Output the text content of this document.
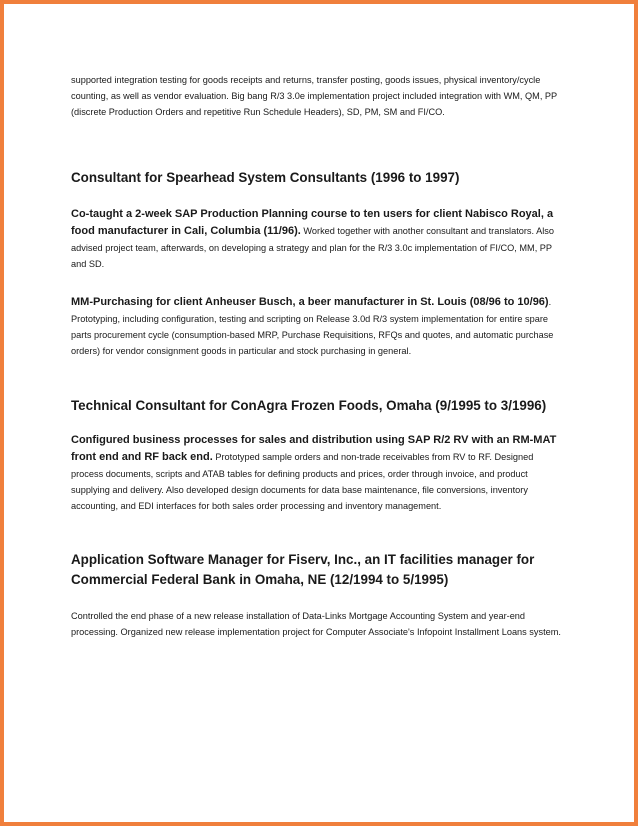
supported integration testing for goods receipts and returns, transfer posting, goods issues, physical inventory/cycle counting, as well as vendor evaluation. Big bang R/3 3.0e implementation project included integration with WM, QM, PP (discrete Production Orders and repetitive Run Schedule Headers), SD, PM, SM and FI/CO.

Consultant for Spearhead System Consultants (1996 to 1997)

Co-taught a 2-week SAP Production Planning course to ten users for client Nabisco Royal, a food manufacturer in Cali, Columbia (11/96). Worked together with another consultant and translators. Also advised project team, afterwards, on developing a strategy and plan for the R/3 3.0c implementation of FI/CO, MM, PP and SD.

MM-Purchasing for client Anheuser Busch, a beer manufacturer in St. Louis (08/96 to 10/96). Prototyping, including configuration, testing and scripting on Release 3.0d R/3 system implementation for entire spare parts procurement cycle (consumption-based MRP, Purchase Requisitions, RFQs and quotes, and automatic purchase orders) for vendor consignment goods in particular and stock purchasing in general.

Technical Consultant for ConAgra Frozen Foods, Omaha (9/1995 to 3/1996)

Configured business processes for sales and distribution using SAP R/2 RV with an RM-MAT front end and RF back end. Prototyped sample orders and non-trade receivables from RV to RF. Designed process documents, scripts and ATAB tables for defining products and prices, order through invoice, and product supplying and delivery. Also developed design documents for data base maintenance, file conversions, inventory accounting, and EDI interfaces for both sales order processing and inventory management.

Application Software Manager for Fiserv, Inc., an IT facilities manager for Commercial Federal Bank in Omaha, NE (12/1994 to 5/1995)

Controlled the end phase of a new release installation of Data-Links Mortgage Accounting System and year-end processing. Organized new release implementation project for Computer Associate's Infopoint Installment Loans system.
